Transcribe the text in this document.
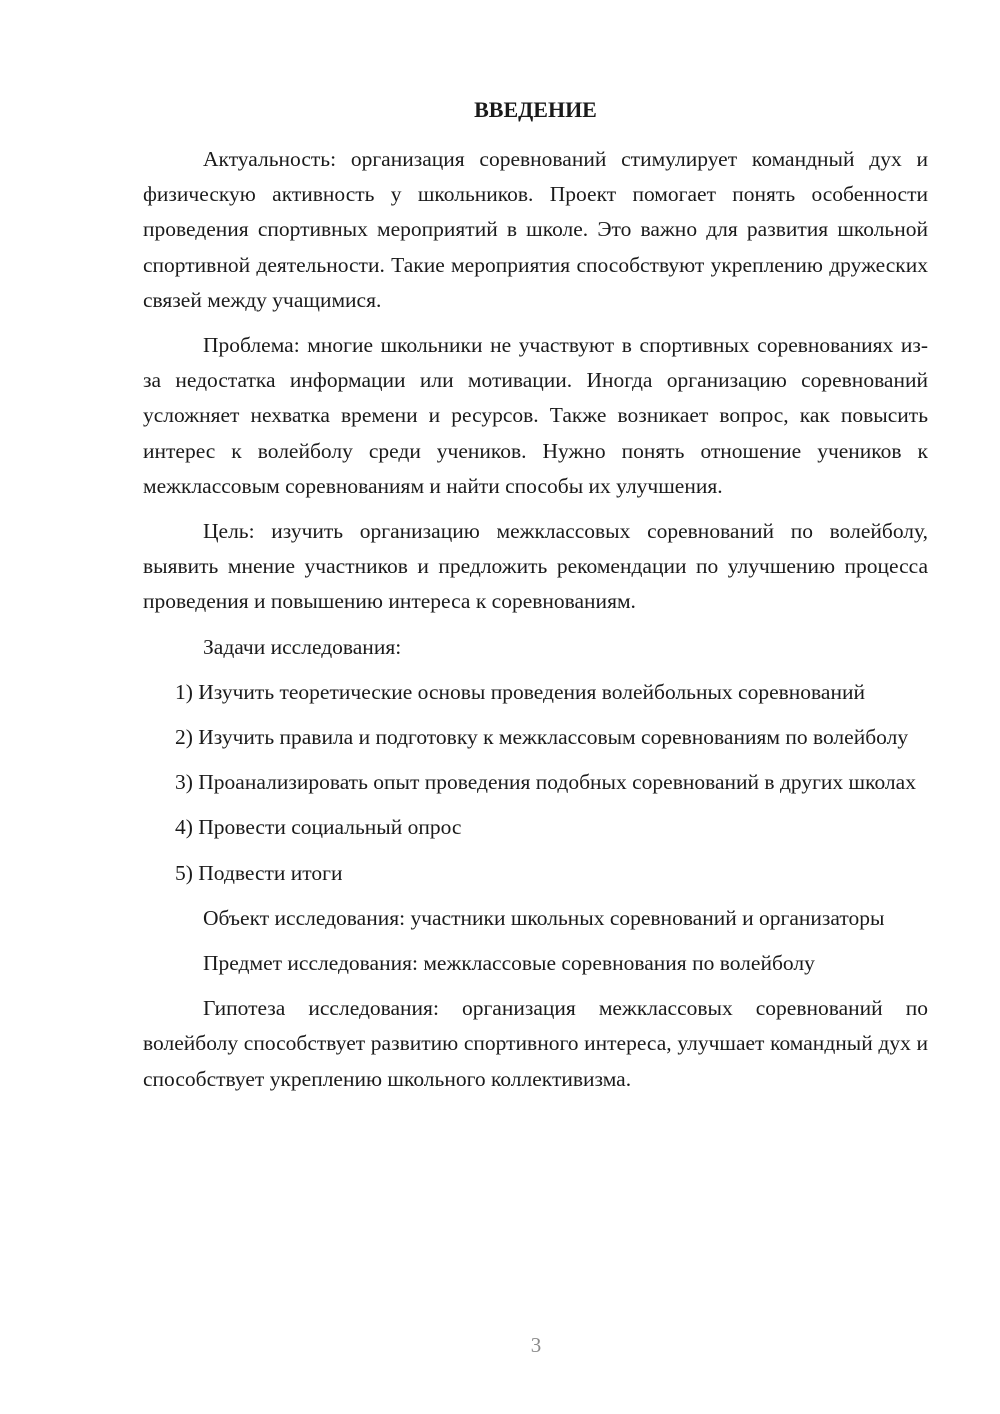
ВВЕДЕНИЕ

Актуальность: организация соревнований стимулирует командный дух и физическую активность у школьников. Проект помогает понять особенности проведения спортивных мероприятий в школе. Это важно для развития школьной спортивной деятельности. Такие мероприятия способствуют укреплению дружеских связей между учащимися.

Проблема: многие школьники не участвуют в спортивных соревнованиях из-за недостатка информации или мотивации. Иногда организацию соревнований усложняет нехватка времени и ресурсов. Также возникает вопрос, как повысить интерес к волейболу среди учеников. Нужно понять отношение учеников к межклассовым соревнованиям и найти способы их улучшения.

Цель: изучить организацию межклассовых соревнований по волейболу, выявить мнение участников и предложить рекомендации по улучшению процесса проведения и повышению интереса к соревнованиям.

Задачи исследования:

1) Изучить теоретические основы проведения волейбольных соревнований

2) Изучить правила и подготовку к межклассовым соревнованиям по волейболу

3) Проанализировать опыт проведения подобных соревнований в других школах

4) Провести социальный опрос

5) Подвести итоги

Объект исследования: участники школьных соревнований и организаторы

Предмет исследования: межклассовые соревнования по волейболу

Гипотеза исследования: организация межклассовых соревнований по волейболу способствует развитию спортивного интереса, улучшает командный дух и способствует укреплению школьного коллективизма.

3
